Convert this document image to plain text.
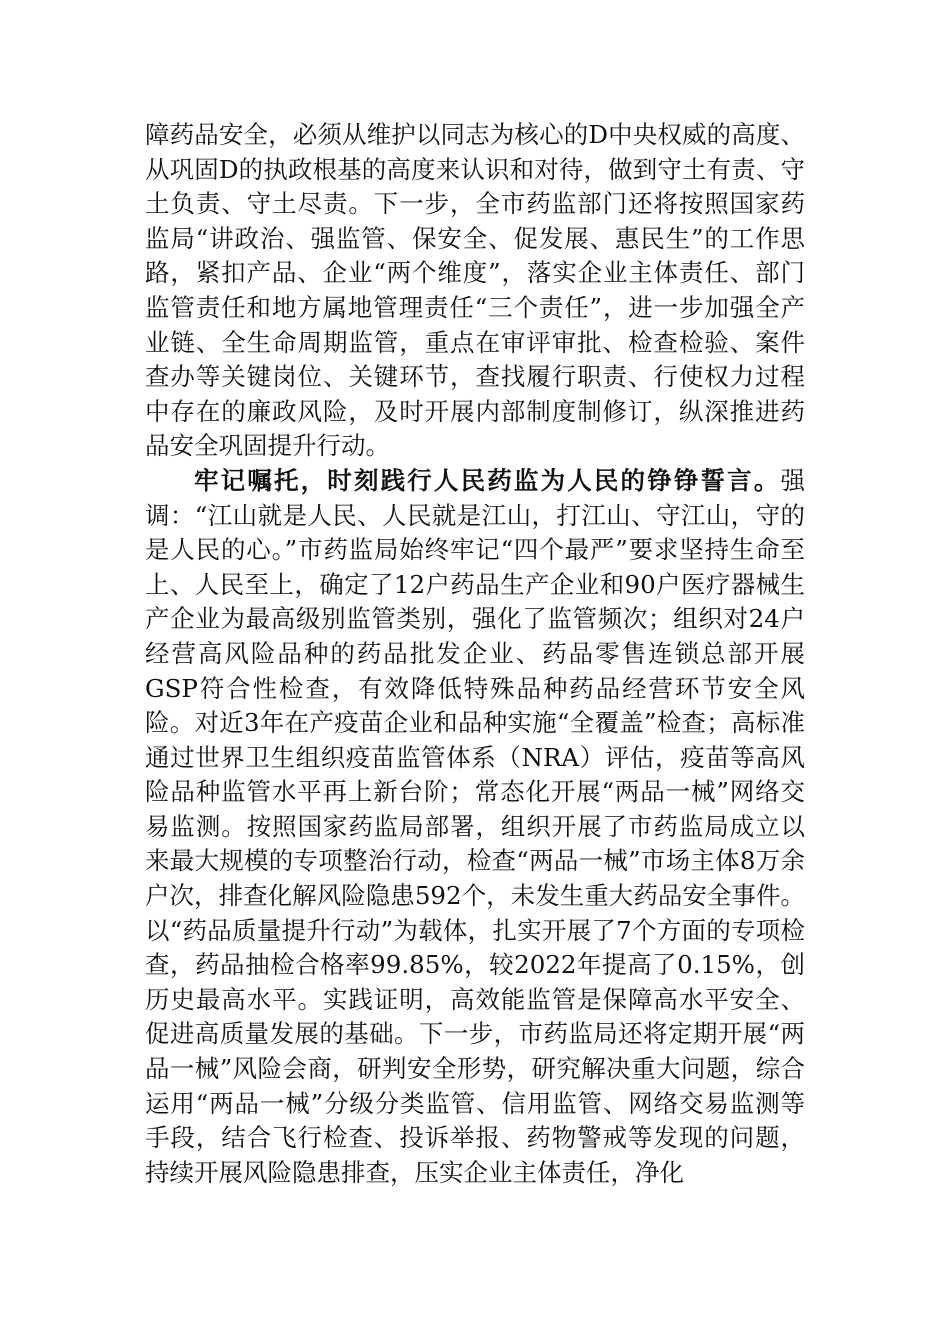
障药品安全，必须从维护以同志为核心的D中央权威的高度、从巩固D的执政根基的高度来认识和对待，做到守土有责、守土负责、守土尽责。下一步，全市药监部门还将按照国家药监局“讲政治、强监管、保安全、促发展、惠民生”的工作思路，紧扣产品、企业“两个维度”，落实企业主体责任、部门监管责任和地方属地管理责任“三个责任”，进一步加强全产业链、全生命周期监管，重点在审评审批、检查检验、案件查办等关键岗位、关键环节，查找履行职责、行使权力过程中存在的廉政风险，及时开展内部制度制修订，纵深推进药品安全巩固提升行动。

牢记嘱托，时刻践行人民药监为人民的铮铮誓言。强调：“江山就是人民、人民就是江山，打江山、守江山，守的是人民的心。”市药监局始终牢记“四个最严”要求坚持生命至上、人民至上，确定了12户药品生产企业和90户医疗器械生产企业为最高级别监管类别，强化了监管频次；组织对24户经营高风险品种的药品批发企业、药品零售连锁总部开展GSP符合性检查，有效降低特殊品种药品经营环节安全风险。对近3年在产疫苗企业和品种实施“全覆盖”检查；高标准通过世界卫生组织疫苗监管体系（NRA）评估，疫苗等高风险品种监管水平再上新台阶；常态化开展“两品一械”网络交易监测。按照国家药监局部署，组织开展了市药监局成立以来最大规模的专项整治行动，检查“两品一械”市场主体8万余户次，排查化解风险隐患592个，未发生重大药品安全事件。以“药品质量提升行动”为载体，扎实开展了7个方面的专项检查，药品抽检合格率99.85%，较2022年提高了0.15%，创历史最高水平。实践证明，高效能监管是保障高水平安全、促进高质量发展的基础。下一步，市药监局还将定期开展“两品一械”风险会商，研判安全形势，研究解决重大问题，综合运用“两品一械”分级分类监管、信用监管、网络交易监测等手段，结合飞行检查、投诉举报、药物警戒等发现的问题，持续开展风险隐患排查，压实企业主体责任，净化
